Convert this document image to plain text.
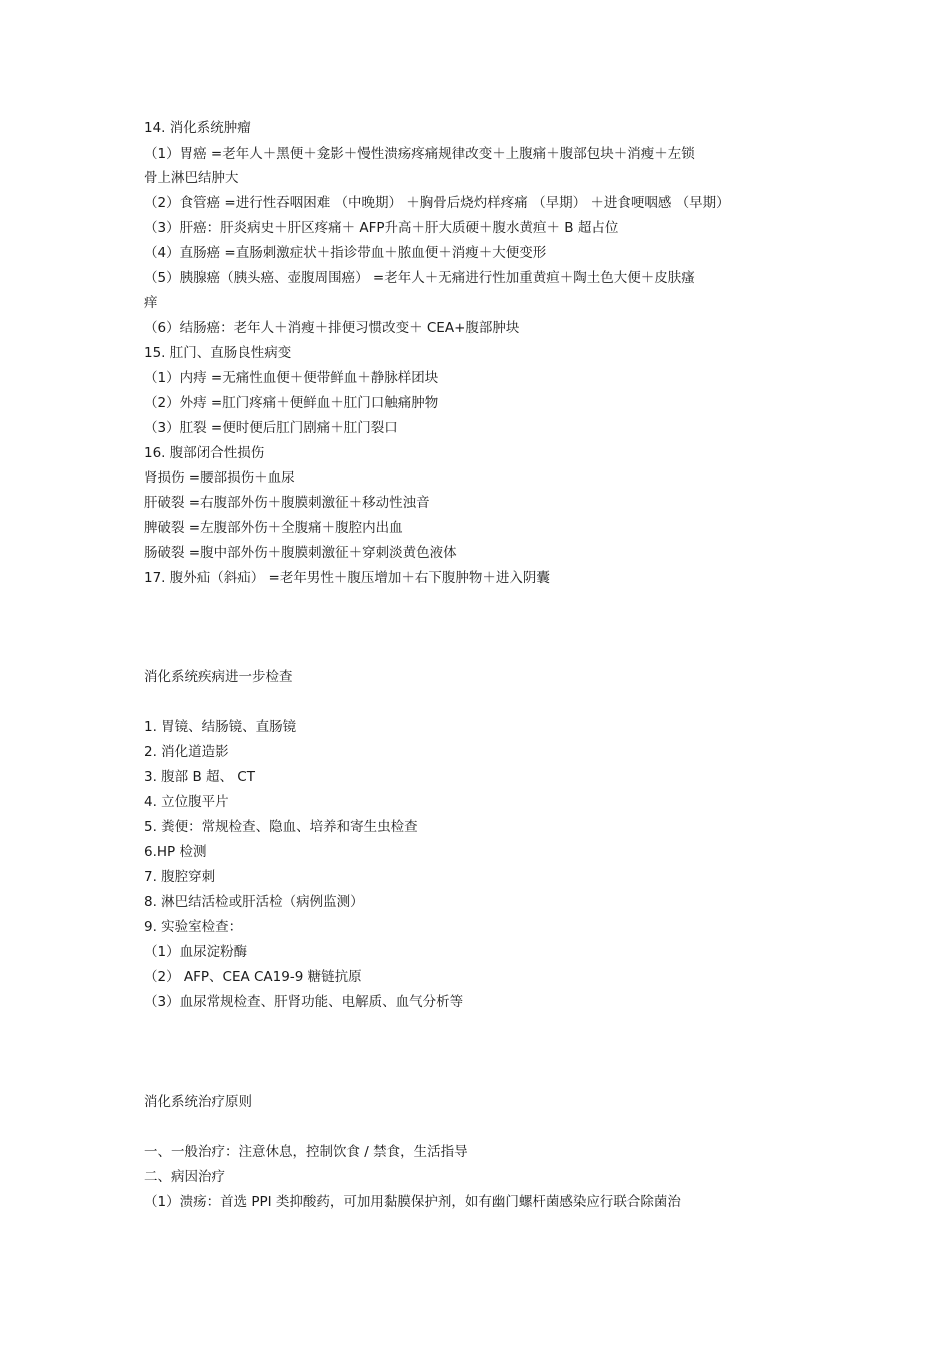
14. 消化系统肿瘤
（1）胃癌 =老年人＋黑便＋龛影＋慢性溃疡疼痛规律改变＋上腹痛＋腹部包块＋消瘦＋左锁
骨上淋巴结肿大
（2）食管癌 =进行性吞咽困难 （中晚期） ＋胸骨后烧灼样疼痛 （早期） ＋进食哽咽感 （早期）
（3）肝癌：肝炎病史＋肝区疼痛＋ AFP升高＋肝大质硬＋腹水黄疸＋ B 超占位
（4）直肠癌 =直肠刺激症状＋指诊带血＋脓血便＋消瘦＋大便变形
（5）胰腺癌（胰头癌、壶腹周围癌） =老年人＋无痛进行性加重黄疸＋陶土色大便＋皮肤瘙
痒
（6）结肠癌：老年人＋消瘦＋排便习惯改变＋ CEA+腹部肿块
15. 肛门、直肠良性病变
（1）内痔 =无痛性血便＋便带鲜血＋静脉样团块
（2）外痔 =肛门疼痛＋便鲜血＋肛门口触痛肿物
（3）肛裂 =便时便后肛门剧痛＋肛门裂口
16. 腹部闭合性损伤
肾损伤 =腰部损伤＋血尿
肝破裂 =右腹部外伤＋腹膜刺激征＋移动性浊音
脾破裂 =左腹部外伤＋全腹痛＋腹腔内出血
肠破裂 =腹中部外伤＋腹膜刺激征＋穿刺淡黄色液体
17. 腹外疝（斜疝） =老年男性＋腹压增加＋右下腹肿物＋进入阴囊
消化系统疾病进一步检查
1. 胃镜、结肠镜、直肠镜
2. 消化道造影
3. 腹部 B 超、 CT
4. 立位腹平片
5. 粪便：常规检查、隐血、培养和寄生虫检查
6.HP 检测
7. 腹腔穿刺
8. 淋巴结活检或肝活检（病例监测）
9. 实验室检查：
（1）血尿淀粉酶
（2） AFP、CEA CA19-9 糖链抗原
（3）血尿常规检查、肝肾功能、电解质、血气分析等
消化系统治疗原则
一、一般治疗：注意休息，控制饮食 / 禁食，生活指导
二、病因治疗
（1）溃疡：首选 PPI 类抑酸药，可加用黏膜保护剂，如有幽门螺杆菌感染应行联合除菌治
